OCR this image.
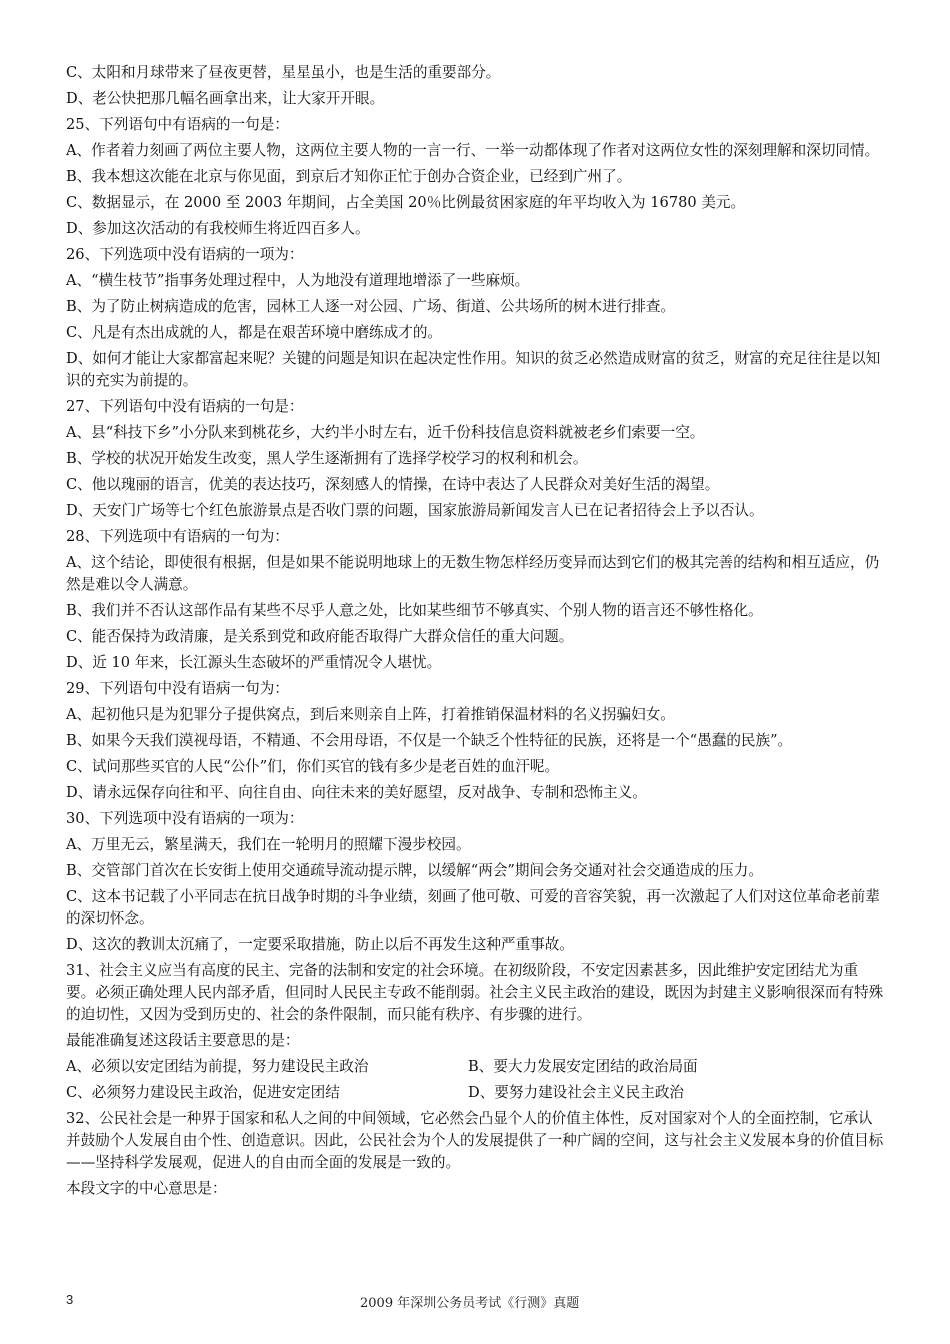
C、太阳和月球带来了昼夜更替，星星虽小，也是生活的重要部分。

D、老公快把那几幅名画拿出来，让大家开开眼。

25、下列语句中有语病的一句是：

A、作者着力刻画了两位主要人物，这两位主要人物的一言一行、一举一动都体现了作者对这两位女性的深刻理解和深切同情。

B、我本想这次能在北京与你见面，到京后才知你正忙于创办合资企业，已经到广州了。

C、数据显示，在 2000 至 2003 年期间，占全美国 20％比例最贫困家庭的年平均收入为 16780 美元。

D、参加这次活动的有我校师生将近四百多人。

26、下列选项中没有语病的一项为：

A、“横生枝节”指事务处理过程中，人为地没有道理地增添了一些麻烦。

B、为了防止树病造成的危害，园林工人逐一对公园、广场、街道、公共场所的树木进行排查。

C、凡是有杰出成就的人，都是在艰苦环境中磨练成才的。

D、如何才能让大家都富起来呢？关键的问题是知识在起决定性作用。知识的贫乏必然造成财富的贫乏，财富的充足往往是以知识的充实为前提的。

27、下列语句中没有语病的一句是：

A、县“科技下乡”小分队来到桃花乡，大约半小时左右，近千份科技信息资料就被老乡们索要一空。

B、学校的状况开始发生改变，黑人学生逐渐拥有了选择学校学习的权利和机会。

C、他以瑰丽的语言，优美的表达技巧，深刻感人的情操，在诗中表达了人民群众对美好生活的渴望。

D、天安门广场等七个红色旅游景点是否收门票的问题，国家旅游局新闻发言人已在记者招待会上予以否认。

28、下列选项中有语病的一句为：

A、这个结论，即使很有根据，但是如果不能说明地球上的无数生物怎样经历变异而达到它们的极其完善的结构和相互适应，仍然是难以令人满意。

B、我们并不否认这部作品有某些不尽乎人意之处，比如某些细节不够真实、个别人物的语言还不够性格化。

C、能否保持为政清廉，是关系到党和政府能否取得广大群众信任的重大问题。

D、近 10 年来，长江源头生态破坏的严重情况令人堪忧。

29、下列语句中没有语病一句为：

A、起初他只是为犯罪分子提供窝点，到后来则亲自上阵，打着推销保温材料的名义拐骗妇女。

B、如果今天我们漠视母语，不精通、不会用母语，不仅是一个缺乏个性特征的民族，还将是一个“愚蠢的民族”。

C、试问那些买官的人民“公仆”们，你们买官的钱有多少是老百姓的血汗呢。

D、请永远保存向往和平、向往自由、向往未来的美好愿望，反对战争、专制和恐怖主义。

30、下列选项中没有语病的一项为：

A、万里无云，繁星满天，我们在一轮明月的照耀下漫步校园。

B、交管部门首次在长安街上使用交通疏导流动提示牌，以缓解“两会”期间会务交通对社会交通造成的压力。

C、这本书记载了小平同志在抗日战争时期的斗争业绩，刻画了他可敬、可爱的音容笑貌，再一次激起了人们对这位革命老前辈的深切怀念。

D、这次的教训太沉痛了，一定要采取措施，防止以后不再发生这种严重事故。

31、社会主义应当有高度的民主、完备的法制和安定的社会环境。在初级阶段，不安定因素甚多，因此维护安定团结尤为重要。必须正确处理人民内部矛盾，但同时人民民主专政不能削弱。社会主义民主政治的建设，既因为封建主义影响很深而有特殊的迫切性，又因为受到历史的、社会的条件限制，而只能有秩序、有步骤的进行。

最能准确复述这段话主要意思的是：

A、必须以安定团结为前提，努力建设民主政治	B、要大力发展安定团结的政治局面
C、必须努力建设民主政治，促进安定团结	D、要努力建设社会主义民主政治

32、公民社会是一种界于国家和私人之间的中间领域，它必然会凸显个人的价值主体性，反对国家对个人的全面控制，它承认并鼓励个人发展自由个性、创造意识。因此，公民社会为个人的发展提供了一种广阔的空间，这与社会主义发展本身的价值目标——坚持科学发展观，促进人的自由而全面的发展是一致的。

本段文字的中心意思是：

3	2009 年深圳公务员考试《行测》真题
